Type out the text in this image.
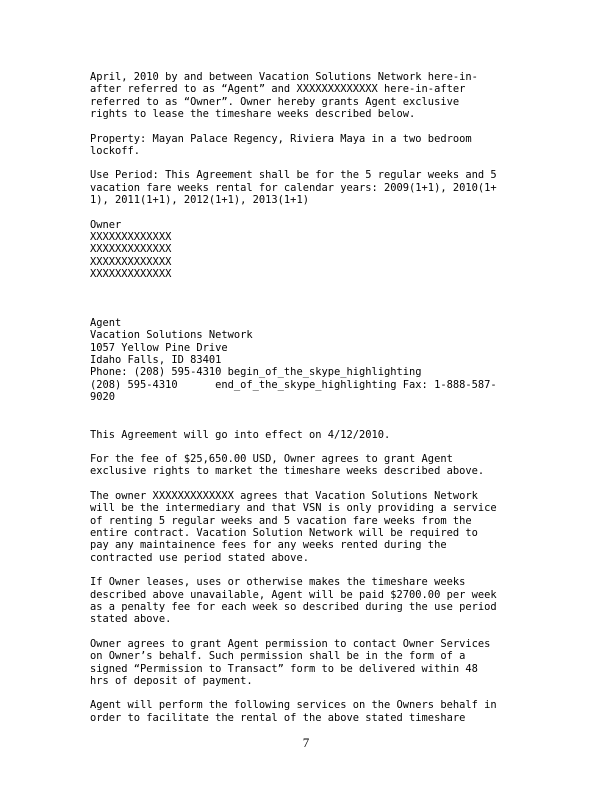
April, 2010 by and between Vacation Solutions Network here-in-
after referred to as “Agent” and XXXXXXXXXXXXX here-in-after
referred to as “Owner”. Owner hereby grants Agent exclusive
rights to lease the timeshare weeks described below.

Property: Mayan Palace Regency, Riviera Maya in a two bedroom
lockoff.

Use Period: This Agreement shall be for the 5 regular weeks and 5
vacation fare weeks rental for calendar years: 2009(1+1), 2010(1+
1), 2011(1+1), 2012(1+1), 2013(1+1)

Owner
XXXXXXXXXXXXX
XXXXXXXXXXXXX
XXXXXXXXXXXXX
XXXXXXXXXXXXX

Agent
Vacation Solutions Network
1057 Yellow Pine Drive
Idaho Falls, ID 83401
Phone: (208) 595-4310 begin_of_the_skype_highlighting
(208) 595-4310      end_of_the_skype_highlighting Fax: 1-888-587-
9020

This Agreement will go into effect on 4/12/2010.

For the fee of $25,650.00 USD, Owner agrees to grant Agent
exclusive rights to market the timeshare weeks described above.

The owner XXXXXXXXXXXXX agrees that Vacation Solutions Network
will be the intermediary and that VSN is only providing a service
of renting 5 regular weeks and 5 vacation fare weeks from the
entire contract. Vacation Solution Network will be required to
pay any maintainence fees for any weeks rented during the
contracted use period stated above.

If Owner leases, uses or otherwise makes the timeshare weeks
described above unavailable, Agent will be paid $2700.00 per week
as a penalty fee for each week so described during the use period
stated above.

Owner agrees to grant Agent permission to contact Owner Services
on Owner’s behalf. Such permission shall be in the form of a
signed “Permission to Transact” form to be delivered within 48
hrs of deposit of payment.

Agent will perform the following services on the Owners behalf in
order to facilitate the rental of the above stated timeshare

7
